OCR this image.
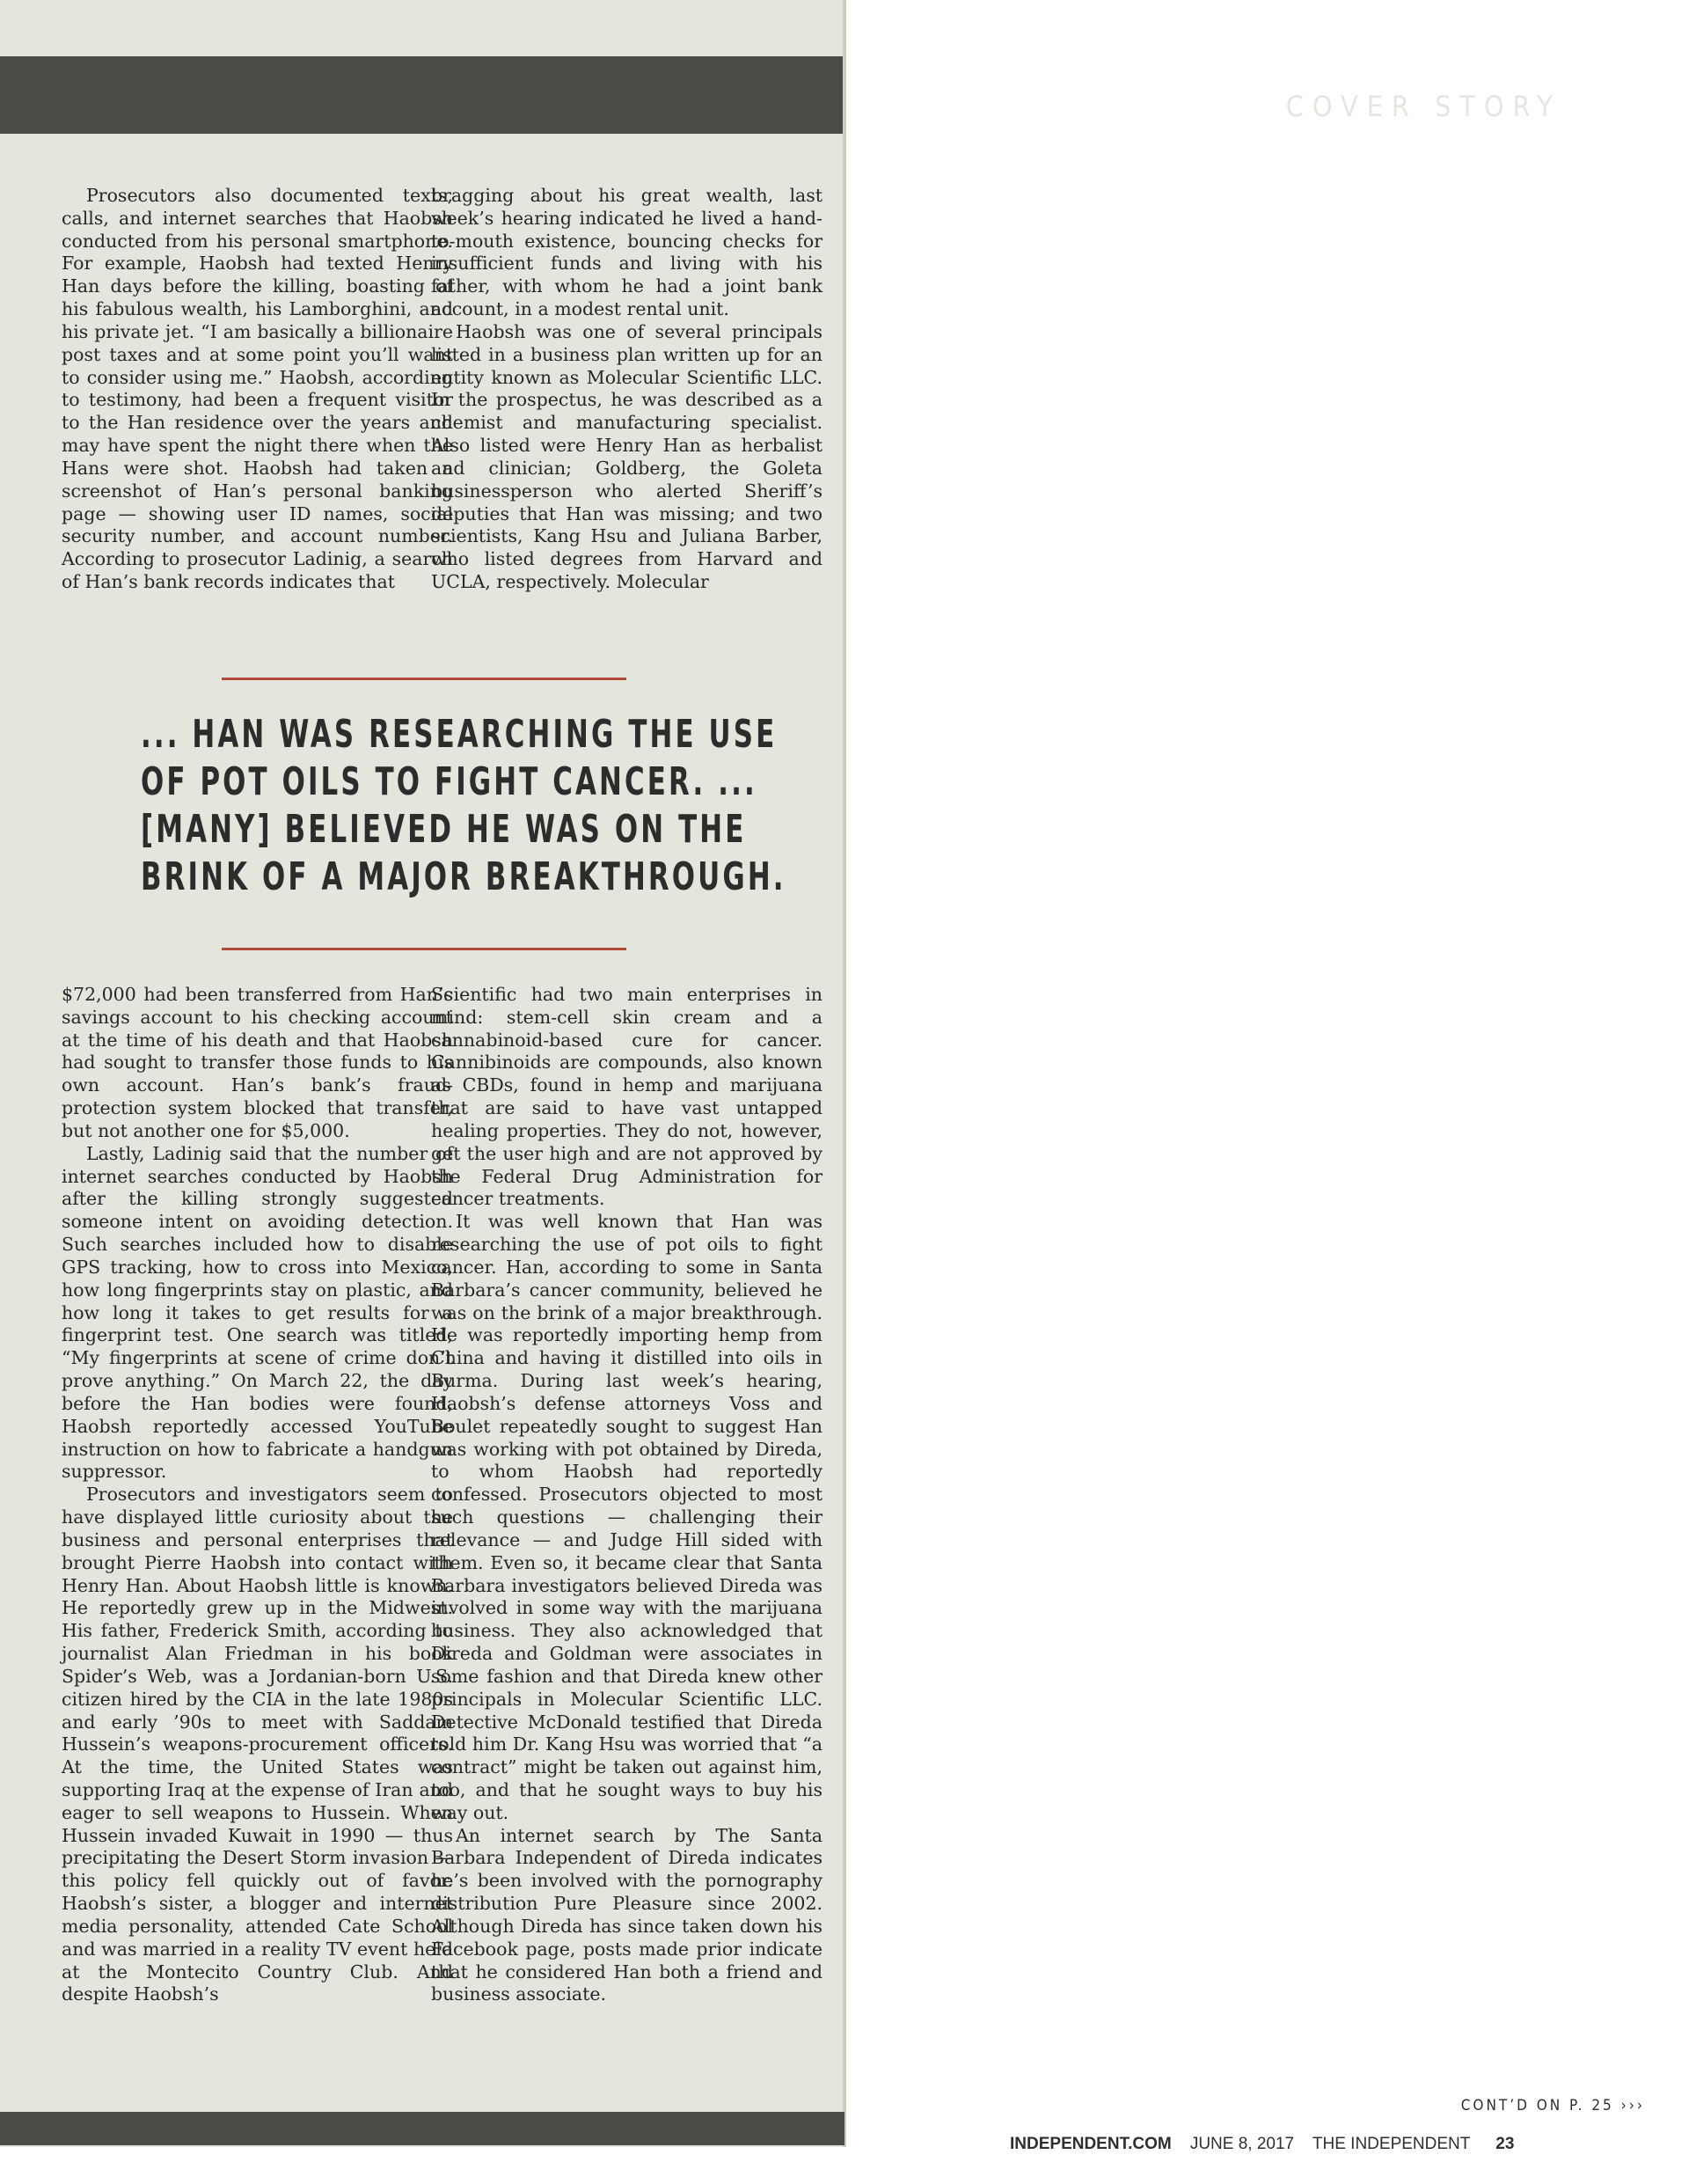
COVER STORY

Prosecutors also documented texts, calls, and internet searches that Haobsh conducted from his personal smartphone. For example, Haobsh had texted Henry Han days before the killing, boasting of his fabulous wealth, his Lamborghini, and his private jet. “I am basically a billionaire post taxes and at some point you’ll want to consider using me.” Haobsh, according to testimony, had been a frequent visitor to the Han residence over the years and may have spent the night there when the Hans were shot. Haobsh had taken a screenshot of Han’s personal banking page — showing user ID names, social security number, and account number. According to prosecutor Ladinig, a search of Han’s bank records indicates that

bragging about his great wealth, last week’s hearing indicated he lived a hand-to-mouth existence, bouncing checks for insufficient funds and living with his father, with whom he had a joint bank account, in a modest rental unit.

Haobsh was one of several principals listed in a business plan written up for an entity known as Molecular Scientific LLC. In the prospectus, he was described as a chemist and manufacturing specialist. Also listed were Henry Han as herbalist and clinician; Goldberg, the Goleta businessperson who alerted Sheriff’s deputies that Han was missing; and two scientists, Kang Hsu and Juliana Barber, who listed degrees from Harvard and UCLA, respectively. Molecular

... HAN WAS RESEARCHING THE USE
OF POT OILS TO FIGHT CANCER. ...
[MANY] BELIEVED HE WAS ON THE
BRINK OF A MAJOR BREAKTHROUGH.

$72,000 had been transferred from Han’s savings account to his checking account at the time of his death and that Haobsh had sought to transfer those funds to his own account. Han’s bank’s fraud-protection system blocked that transfer, but not another one for $5,000.

Lastly, Ladinig said that the number of internet searches conducted by Haobsh after the killing strongly suggested someone intent on avoiding detection. Such searches included how to disable GPS tracking, how to cross into Mexico, how long fingerprints stay on plastic, and how long it takes to get results for a fingerprint test. One search was titled, “My fingerprints at scene of crime don’t prove anything.” On March 22, the day before the Han bodies were found, Haobsh reportedly accessed YouTube instruction on how to fabricate a handgun suppressor.

Prosecutors and investigators seem to have displayed little curiosity about the business and personal enterprises that brought Pierre Haobsh into contact with Henry Han. About Haobsh little is known. He reportedly grew up in the Midwest. His father, Frederick Smith, according to journalist Alan Friedman in his book Spider’s Web, was a Jordanian-born U.S. citizen hired by the CIA in the late 1980s and early ’90s to meet with Saddam Hussein’s weapons-procurement officers. At the time, the United States was supporting Iraq at the expense of Iran and eager to sell weapons to Hussein. When Hussein invaded Kuwait in 1990 — thus precipitating the Desert Storm invasion — this policy fell quickly out of favor. Haobsh’s sister, a blogger and internet media personality, attended Cate School and was married in a reality TV event held at the Montecito Country Club. And despite Haobsh’s

Scientific had two main enterprises in mind: stem-cell skin cream and a cannabinoid-based cure for cancer. Cannibinoids are compounds, also known as CBDs, found in hemp and marijuana that are said to have vast untapped healing properties. They do not, however, get the user high and are not approved by the Federal Drug Administration for cancer treatments.

It was well known that Han was researching the use of pot oils to fight cancer. Han, according to some in Santa Barbara’s cancer community, believed he was on the brink of a major breakthrough. He was reportedly importing hemp from China and having it distilled into oils in Burma. During last week’s hearing, Haobsh’s defense attorneys Voss and Boulet repeatedly sought to suggest Han was working with pot obtained by Direda, to whom Haobsh had reportedly confessed. Prosecutors objected to most such questions — challenging their relevance — and Judge Hill sided with them. Even so, it became clear that Santa Barbara investigators believed Direda was involved in some way with the marijuana business. They also acknowledged that Direda and Goldman were associates in some fashion and that Direda knew other principals in Molecular Scientific LLC. Detective McDonald testified that Direda told him Dr. Kang Hsu was worried that “a contract” might be taken out against him, too, and that he sought ways to buy his way out.

An internet search by The Santa Barbara Independent of Direda indicates he’s been involved with the pornography distribution Pure Pleasure since 2002. Although Direda has since taken down his Facebook page, posts made prior indicate that he considered Han both a friend and business associate.

CONT’D ON P. 25 ›››
INDEPENDENT.COM JUNE 8, 2017 THE INDEPENDENT 23
